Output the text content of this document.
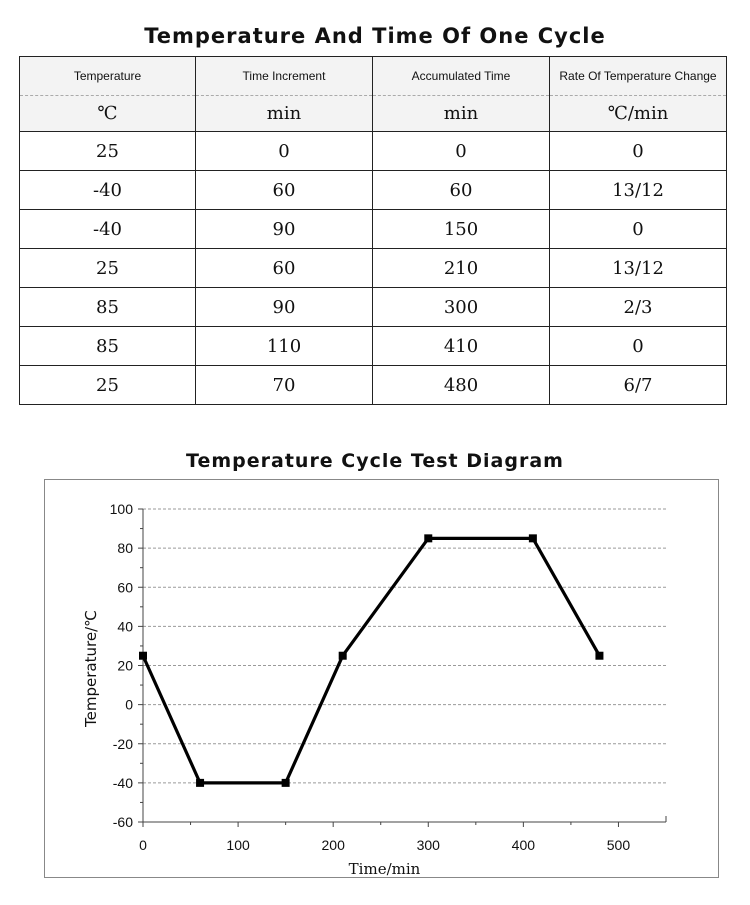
Temperature And Time Of One Cycle
Temperature	Time Increment	Accumulated Time	Rate Of Temperature Change
℃	min	min	℃/min
25	0	0	0
-40	60	60	13/12
-40	90	150	0
25	60	210	13/12
85	90	300	2/3
85	110	410	0
25	70	480	6/7
Temperature Cycle Test Diagram
-60
-40
-20
0
20
40
60
80
100
0	100	200	300	400	500
Time/min
Temperature/℃
